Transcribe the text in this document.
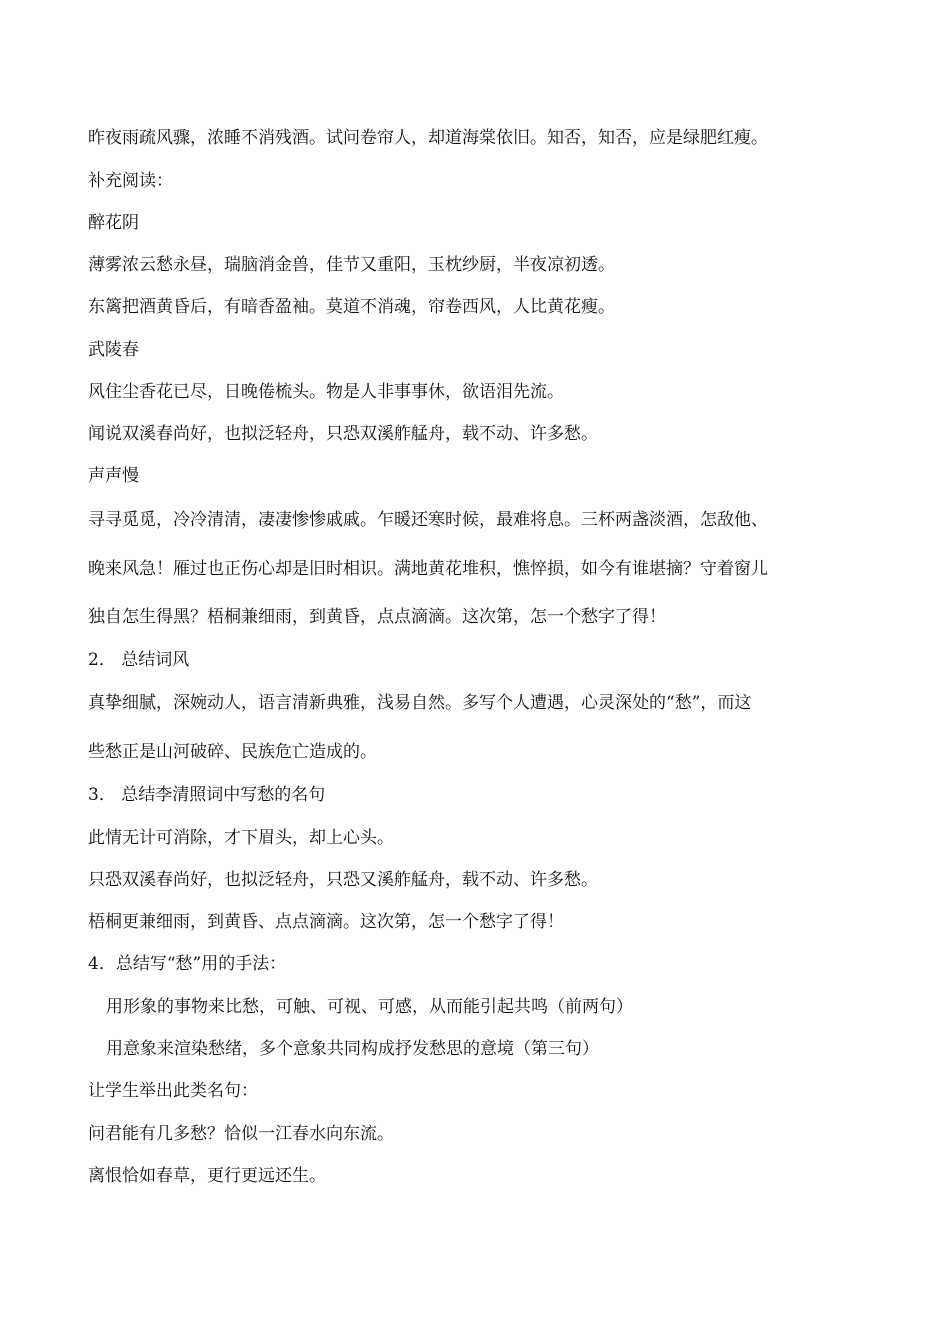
昨夜雨疏风骤，浓睡不消残酒。试问卷帘人，却道海棠依旧。知否，知否，应是绿肥红瘦。
补充阅读：
醉花阴
薄雾浓云愁永昼，瑞脑消金兽，佳节又重阳，玉枕纱厨，半夜凉初透。
东篱把酒黄昏后，有暗香盈袖。莫道不消魂，帘卷西风，人比黄花瘦。
武陵春
风住尘香花已尽，日晚倦梳头。物是人非事事休，欲语泪先流。
闻说双溪春尚好，也拟泛轻舟，只恐双溪舴艋舟，载不动、许多愁。
声声慢
寻寻觅觅，冷冷清清，凄凄惨惨戚戚。乍暖还寒时候，最难将息。三杯两盏淡酒，怎敌他、
晚来风急！雁过也正伤心却是旧时相识。满地黄花堆积，憔悴损，如今有谁堪摘？守着窗儿
独自怎生得黑？梧桐兼细雨，到黄昏，点点滴滴。这次第，怎一个愁字了得！
2． 总结词风
真挚细腻，深婉动人，语言清新典雅，浅易自然。多写个人遭遇，心灵深处的“愁”，而这
些愁正是山河破碎、民族危亡造成的。
3． 总结李清照词中写愁的名句
此情无计可消除，才下眉头，却上心头。
只恐双溪春尚好，也拟泛轻舟，只恐又溪舴艋舟，载不动、许多愁。
梧桐更兼细雨，到黄昏、点点滴滴。这次第，怎一个愁字了得！
4．总结写“愁”用的手法：
用形象的事物来比愁，可触、可视、可感，从而能引起共鸣（前两句）
用意象来渲染愁绪，多个意象共同构成抒发愁思的意境（第三句）
让学生举出此类名句：
问君能有几多愁？恰似一江春水向东流。
离恨恰如春草，更行更远还生。
